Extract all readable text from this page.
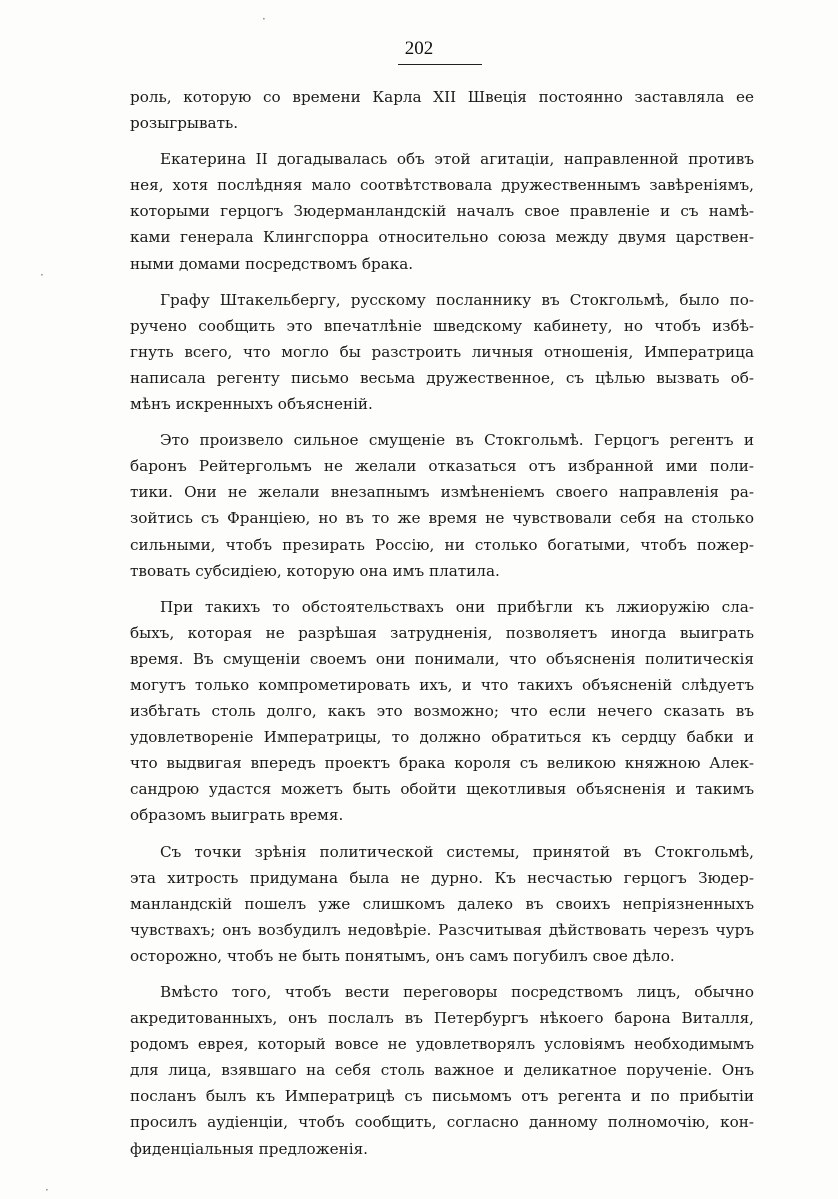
202
·
·
·
роль, которую со времени Карла XII Швеція постоянно заставляла ее
розыгрывать.
Екатерина II догадывалась объ этой агитаціи, направленной противъ
нея, хотя послѣдняя мало соотвѣтствовала дружественнымъ завѣреніямъ,
которыми герцогъ Зюдерманландскій началъ свое правленіе и съ намѣ-
ками генерала Клингспорра относительно союза между двумя царствен-
ными домами посредствомъ брака.
Графу Штакельбергу, русскому посланнику въ Стокгольмѣ, было по-
ручено сообщить это впечатлѣніе шведскому кабинету, но чтобъ избѣ-
гнуть всего, что могло бы разстроить личныя отношенія, Императрица
написала регенту письмо весьма дружественное, съ цѣлью вызвать об-
мѣнъ искренныхъ объясненій.
Это произвело сильное смущеніе въ Стокгольмѣ. Герцогъ регентъ и
баронъ Рейтергольмъ не желали отказаться отъ избранной ими поли-
тики. Они не желали внезапнымъ измѣненіемъ своего направленія ра-
зойтись съ Франціею, но въ то же время не чувствовали себя на столько
сильными, чтобъ презирать Россію, ни столько богатыми, чтобъ пожер-
твовать субсидіею, которую она имъ платила.
При такихъ то обстоятельствахъ они прибѣгли къ лжиоружію сла-
быхъ, которая не разрѣшая затрудненія, позволяетъ иногда выиграть
время. Въ смущеніи своемъ они понимали, что объясненія политическія
могутъ только компрометировать ихъ, и что такихъ объясненій слѣдуетъ
избѣгать столь долго, какъ это возможно; что если нечего сказать въ
удовлетвореніе Императрицы, то должно обратиться къ сердцу бабки и
что выдвигая впередъ проектъ брака короля съ великою княжною Алек-
сандрою удастся можетъ быть обойти щекотливыя объясненія и такимъ
образомъ выиграть время.
Съ точки зрѣнія политической системы, принятой въ Стокгольмѣ,
эта хитрость придумана была не дурно. Къ несчастью герцогъ Зюдер-
манландскій пошелъ уже слишкомъ далеко въ своихъ непріязненныхъ
чувствахъ; онъ возбудилъ недовѣріе. Разсчитывая дѣйствовать черезъ чуръ
осторожно, чтобъ не быть понятымъ, онъ самъ погубилъ свое дѣло.
Вмѣсто того, чтобъ вести переговоры посредствомъ лицъ, обычно
акредитованныхъ, онъ послалъ въ Петербургъ нѣкоего барона Виталля,
родомъ еврея, который вовсе не удовлетворялъ условіямъ необходимымъ
для лица, взявшаго на себя столь важное и деликатное порученіе. Онъ
посланъ былъ къ Императрицѣ съ письмомъ отъ регента и по прибытіи
просилъ аудіенціи, чтобъ сообщить, согласно данному полномочію, кон-
фиденціальныя предложенія.
